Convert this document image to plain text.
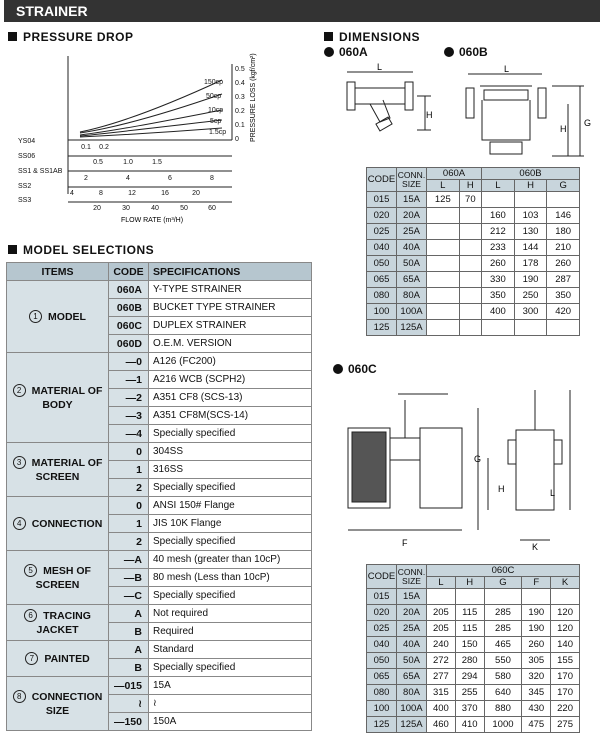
STRAINER
PRESSURE DROP
150cp
50cp
10cp
5cp
1.5cp
0.5
0.4
0.3
0.2
0.1
0 PRESSURE LOSS (kgf/cm²)
YS04
SS06
SS1 & SS1AB
SS2
SS3
0.1 0.2
0.5	1.0	1.5
2	4	6	8
4	8	12	16	20
20	30	40	50	60
FLOW RATE (m³/H)
DIMENSIONS
060A	060B
L
H
L
H
G
CODE	CONN. SIZE	060A		060B		
		L	H	L	H	G
015	15A	125	70			
020	20A			160	103	146
025	25A			212	130	180
040	40A			233	144	210
050	50A			260	178	260
065	65A			330	190	287
080	80A			350	250	350
100	100A			400	300	420
125	125A					
060C
F
G
H	L
K
CODE	CONN. SIZE	060C				
		L	H	G	F	K
015	15A					
020	20A	205	115	285	190	120
025	25A	205	115	285	190	120
040	40A	240	150	465	260	140
050	50A	272	280	550	305	155
065	65A	277	294	580	320	170
080	80A	315	255	640	345	170
100	100A	400	370	880	430	220
125	125A	460	410	1000	475	275
MODEL SELECTIONS
ITEMS	CODE	SPECIFICATIONS
1 MODEL	060A	Y-TYPE STRAINER
	060B	BUCKET TYPE STRAINER
	060C	DUPLEX STRAINER
	060D	O.E.M. VERSION
2 MATERIAL OF BODY	—0	A126 (FC200)
	—1	A216 WCB (SCPH2)
	—2	A351 CF8 (SCS-13)
	—3	A351 CF8M(SCS-14)
	—4	Specially specified
3 MATERIAL OF SCREEN	0	304SS
	1	316SS
	2	Specially specified
4 CONNECTION	0	ANSI 150# Flange
	1	JIS 10K Flange
	2	Specially specified
5 MESH OF SCREEN	—A	40 mesh (greater than 10cP)
	—B	80 mesh (Less than 10cP)
	—C	Specially specified
6 TRACING JACKET	A	Not required
	B	Required
7 PAINTED	A	Standard
	B	Specially specified
8 CONNECTION SIZE	—015	15A
	≀	≀
	—150	150A
